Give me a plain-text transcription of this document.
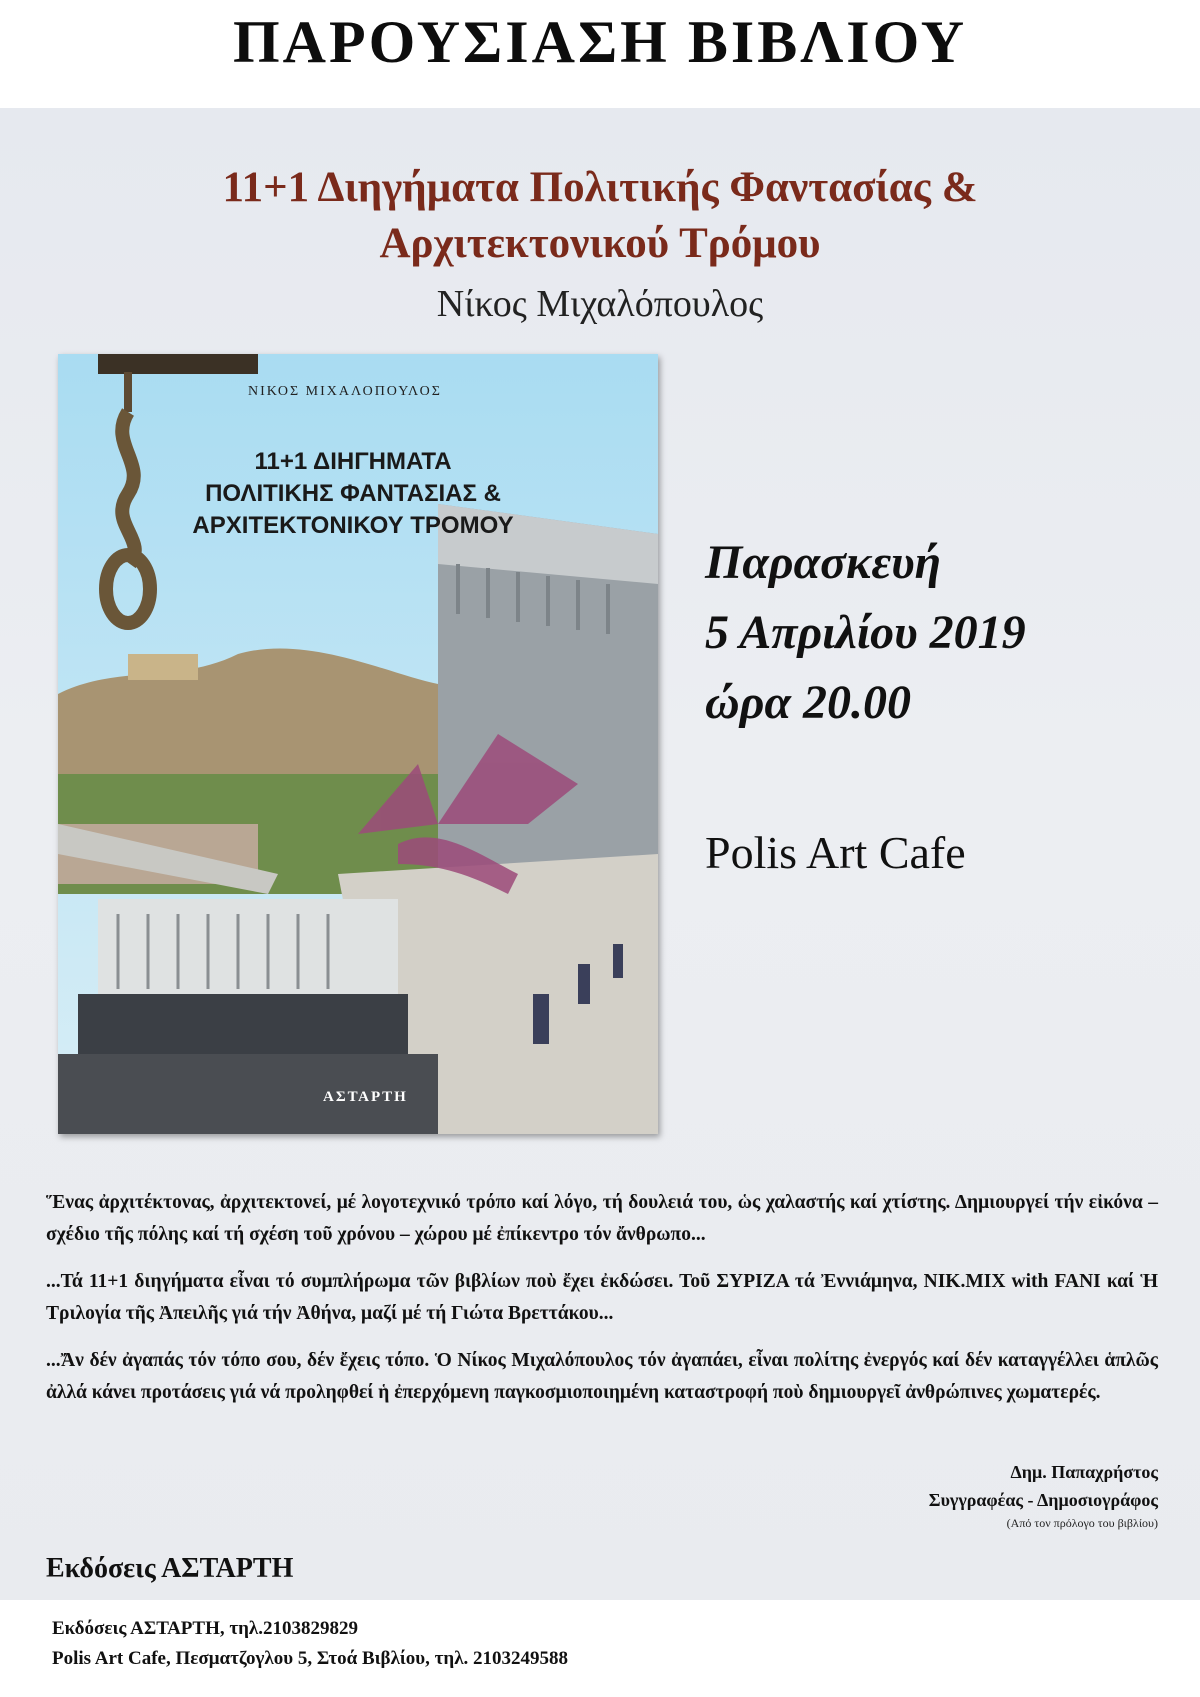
ΠΑΡΟΥΣΙΑΣΗ ΒΙΒΛΙΟΥ
11+1 Διηγήματα Πολιτικής Φαντασίας &
Αρχιτεκτονικού Τρόμου
Νίκος Μιχαλόπουλος
ΝΙΚΟΣ ΜΙΧΑΛΟΠΟΥΛΟΣ
11+1 ΔΙΗΓΗΜΑΤΑ
ΠΟΛΙΤΙΚΗΣ ΦΑΝΤΑΣΙΑΣ &
ΑΡΧΙΤΕΚΤΟΝΙΚΟΥ ΤΡΟΜΟΥ
ΑΣΤΑΡΤΗ
Παρασκευή
5 Απριλίου 2019
ώρα 20.00
Polis Art Cafe
Ἕνας ἀρχιτέκτονας, ἀρχιτεκτονεί, μέ λογοτεχνικό τρόπο καί λόγο, τή δουλειά του, ὡς χαλαστής καί χτίστης. Δημιουργεί τήν εἰκόνα – σχέδιο τῆς πόλης καί τή σχέση τοῦ χρόνου – χώρου μέ ἐπίκεντρο τόν ἄνθρωπο...
...Τά 11+1 διηγήματα εἶναι τό συμπλήρωμα τῶν βιβλίων ποὺ ἔχει ἐκδώσει. Τοῦ ΣΥΡΙΖΑ τά Ἐννιάμηνα, ΝΙΚ.ΜΙΧ with FANI καί Ἡ Τριλογία τῆς Ἀπειλῆς γιά τήν Ἀθήνα, μαζί μέ τή Γιώτα Βρεττάκου...
...Ἄν δέν ἀγαπάς τόν τόπο σου, δέν ἔχεις τόπο. Ὁ Νίκος Μιχαλόπουλος τόν ἀγαπάει, εἶναι πολίτης ἐνεργός καί δέν καταγγέλλει ἁπλῶς ἀλλά κάνει προτάσεις γιά νά προληφθεί ἡ ἐπερχόμενη παγκοσμιοποιημένη καταστροφή ποὺ δημιουργεῖ ἀνθρώπινες χωματερές.
Δημ. Παπαχρήστος
Συγγραφέας - Δημοσιογράφος
(Από τον πρόλογο του βιβλίου)
Εκδόσεις ΑΣΤΑΡΤΗ
Εκδόσεις ΑΣΤΑΡΤΗ, τηλ.2103829829
Polis Art Cafe, Πεσματζογλου 5, Στοά Βιβλίου, τηλ. 2103249588
